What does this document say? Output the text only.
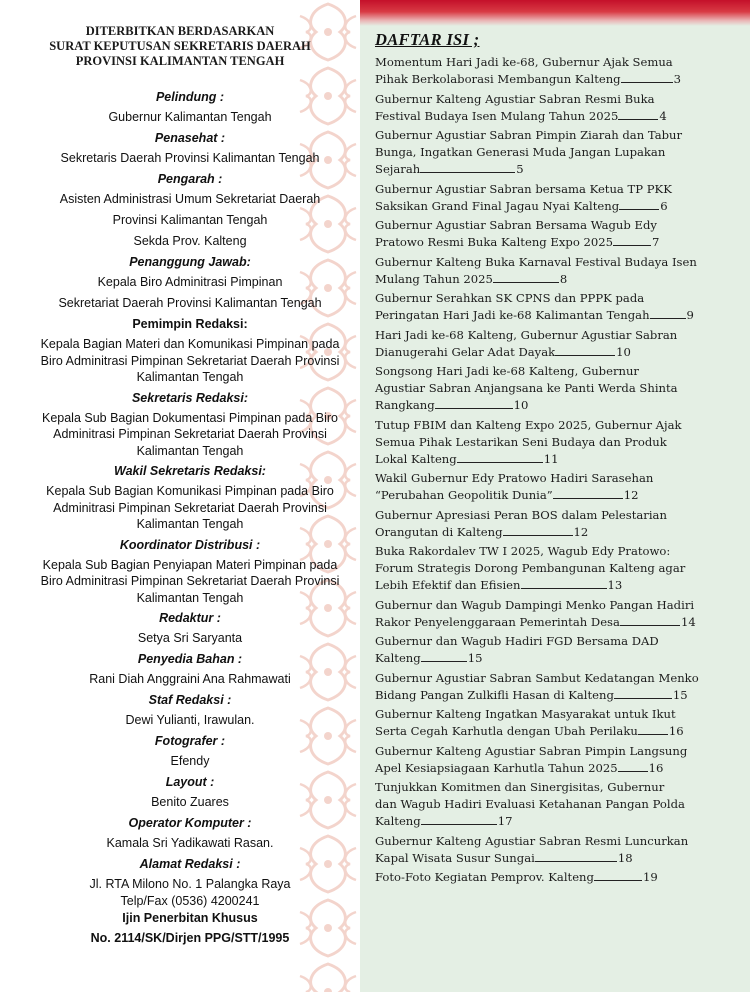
DITERBITKAN BERDASARKAN
SURAT KEPUTUSAN SEKRETARIS DAERAH
PROVINSI KALIMANTAN TENGAH
Pelindung :
Gubernur Kalimantan Tengah
Penasehat :
Sekretaris Daerah Provinsi Kalimantan Tengah
Pengarah :
Asisten Administrasi Umum Sekretariat Daerah
Provinsi Kalimantan Tengah
Sekda Prov. Kalteng
Penanggung Jawab:
Kepala Biro Adminitrasi Pimpinan
Sekretariat Daerah Provinsi Kalimantan Tengah
Pemimpin Redaksi:
Kepala Bagian Materi dan Komunikasi Pimpinan pada
Biro Adminitrasi Pimpinan Sekretariat Daerah Provinsi
Kalimantan Tengah
Sekretaris Redaksi:
Kepala Sub Bagian Dokumentasi Pimpinan pada Biro
Adminitrasi Pimpinan Sekretariat Daerah Provinsi
Kalimantan Tengah
Wakil Sekretaris Redaksi:
Kepala Sub Bagian Komunikasi Pimpinan pada Biro
Adminitrasi Pimpinan Sekretariat Daerah Provinsi
Kalimantan Tengah
Koordinator Distribusi :
Kepala Sub Bagian Penyiapan Materi Pimpinan pada
Biro Adminitrasi Pimpinan Sekretariat Daerah Provinsi
Kalimantan Tengah
Redaktur :
Setya Sri Saryanta
Penyedia Bahan :
Rani Diah Anggraini Ana Rahmawati
Staf Redaksi :
Dewi Yulianti, Irawulan.
Fotografer :
Efendy
Layout :
Benito Zuares
Operator Komputer :
Kamala Sri Yadikawati Rasan.
Alamat Redaksi :
Jl. RTA Milono No. 1 Palangka Raya
Telp/Fax (0536) 4200241
Ijin Penerbitan Khusus
No. 2114/SK/Dirjen PPG/STT/1995
DAFTAR ISI ;
Momentum Hari Jadi ke-68, Gubernur Ajak Semua
Pihak Berkolaborasi Membangun Kalteng	3
Gubernur Kalteng Agustiar Sabran Resmi Buka
Festival Budaya Isen Mulang Tahun 2025	4
Gubernur Agustiar Sabran Pimpin Ziarah dan Tabur
Bunga, Ingatkan Generasi Muda Jangan Lupakan
Sejarah	5
Gubernur Agustiar Sabran bersama Ketua TP PKK
Saksikan Grand Final Jagau Nyai Kalteng	6
Gubernur Agustiar Sabran Bersama Wagub Edy
Pratowo Resmi Buka Kalteng Expo 2025	7
Gubernur Kalteng Buka Karnaval Festival Budaya Isen
Mulang Tahun 2025	8
Gubernur Serahkan SK CPNS dan PPPK pada
Peringatan Hari Jadi ke-68 Kalimantan Tengah	9
Hari Jadi ke-68 Kalteng, Gubernur Agustiar Sabran
Dianugerahi Gelar Adat Dayak	10
Songsong Hari Jadi ke-68 Kalteng, Gubernur
Agustiar Sabran Anjangsana ke Panti Werda Shinta
Rangkang	10
Tutup FBIM dan Kalteng Expo 2025, Gubernur Ajak
Semua Pihak Lestarikan Seni Budaya dan Produk
Lokal Kalteng	11
Wakil Gubernur Edy Pratowo Hadiri Sarasehan
“Perubahan Geopolitik Dunia”	12
Gubernur Apresiasi Peran BOS dalam Pelestarian
Orangutan di Kalteng	12
Buka Rakordalev TW I 2025, Wagub Edy Pratowo:
Forum Strategis Dorong Pembangunan Kalteng agar
Lebih Efektif dan Efisien	13
Gubernur dan Wagub Dampingi Menko Pangan Hadiri
Rakor Penyelenggaraan Pemerintah Desa	14
Gubernur dan Wagub Hadiri FGD Bersama DAD
Kalteng	15
Gubernur Agustiar Sabran Sambut Kedatangan Menko
Bidang Pangan Zulkifli Hasan di Kalteng	15
Gubernur Kalteng Ingatkan Masyarakat untuk Ikut
Serta Cegah Karhutla dengan Ubah Perilaku	16
Gubernur Kalteng Agustiar Sabran Pimpin Langsung
Apel Kesiapsiagaan Karhutla Tahun 2025	16
Tunjukkan Komitmen dan Sinergisitas, Gubernur
dan Wagub Hadiri Evaluasi Ketahanan Pangan Polda
Kalteng	17
Gubernur Kalteng Agustiar Sabran Resmi Luncurkan
Kapal Wisata Susur Sungai	18
Foto-Foto Kegiatan Pemprov. Kalteng	19
